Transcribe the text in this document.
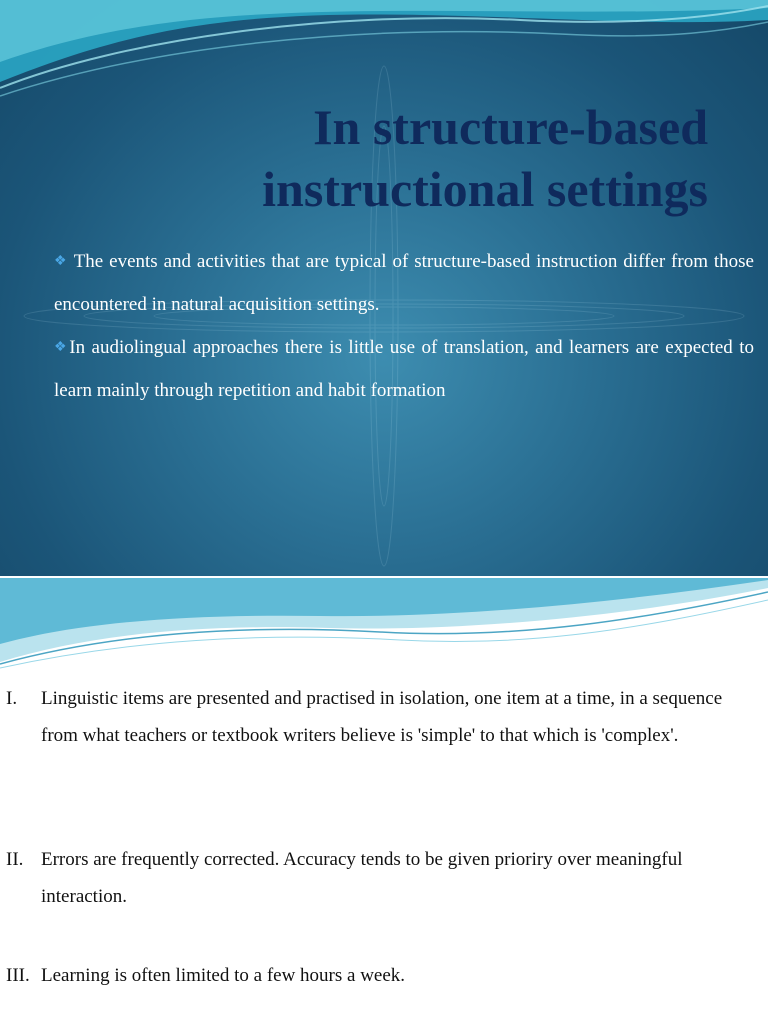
In structure-based
instructional settings

❖ The events and activities that are typical of structure-based instruction differ from those encountered in natural acquisition settings.

❖In audiolingual approaches there is little use of translation, and learners are expected to learn mainly through repetition and habit formation

I. Linguistic items are presented and practised in isolation, one item at a time, in a sequence from what teachers or textbook writers believe is 'simple' to that which is 'complex'.
II. Errors are frequently corrected. Accuracy tends to be given prioriry over meaningful interaction.
III. Learning is often limited to a few hours a week.
